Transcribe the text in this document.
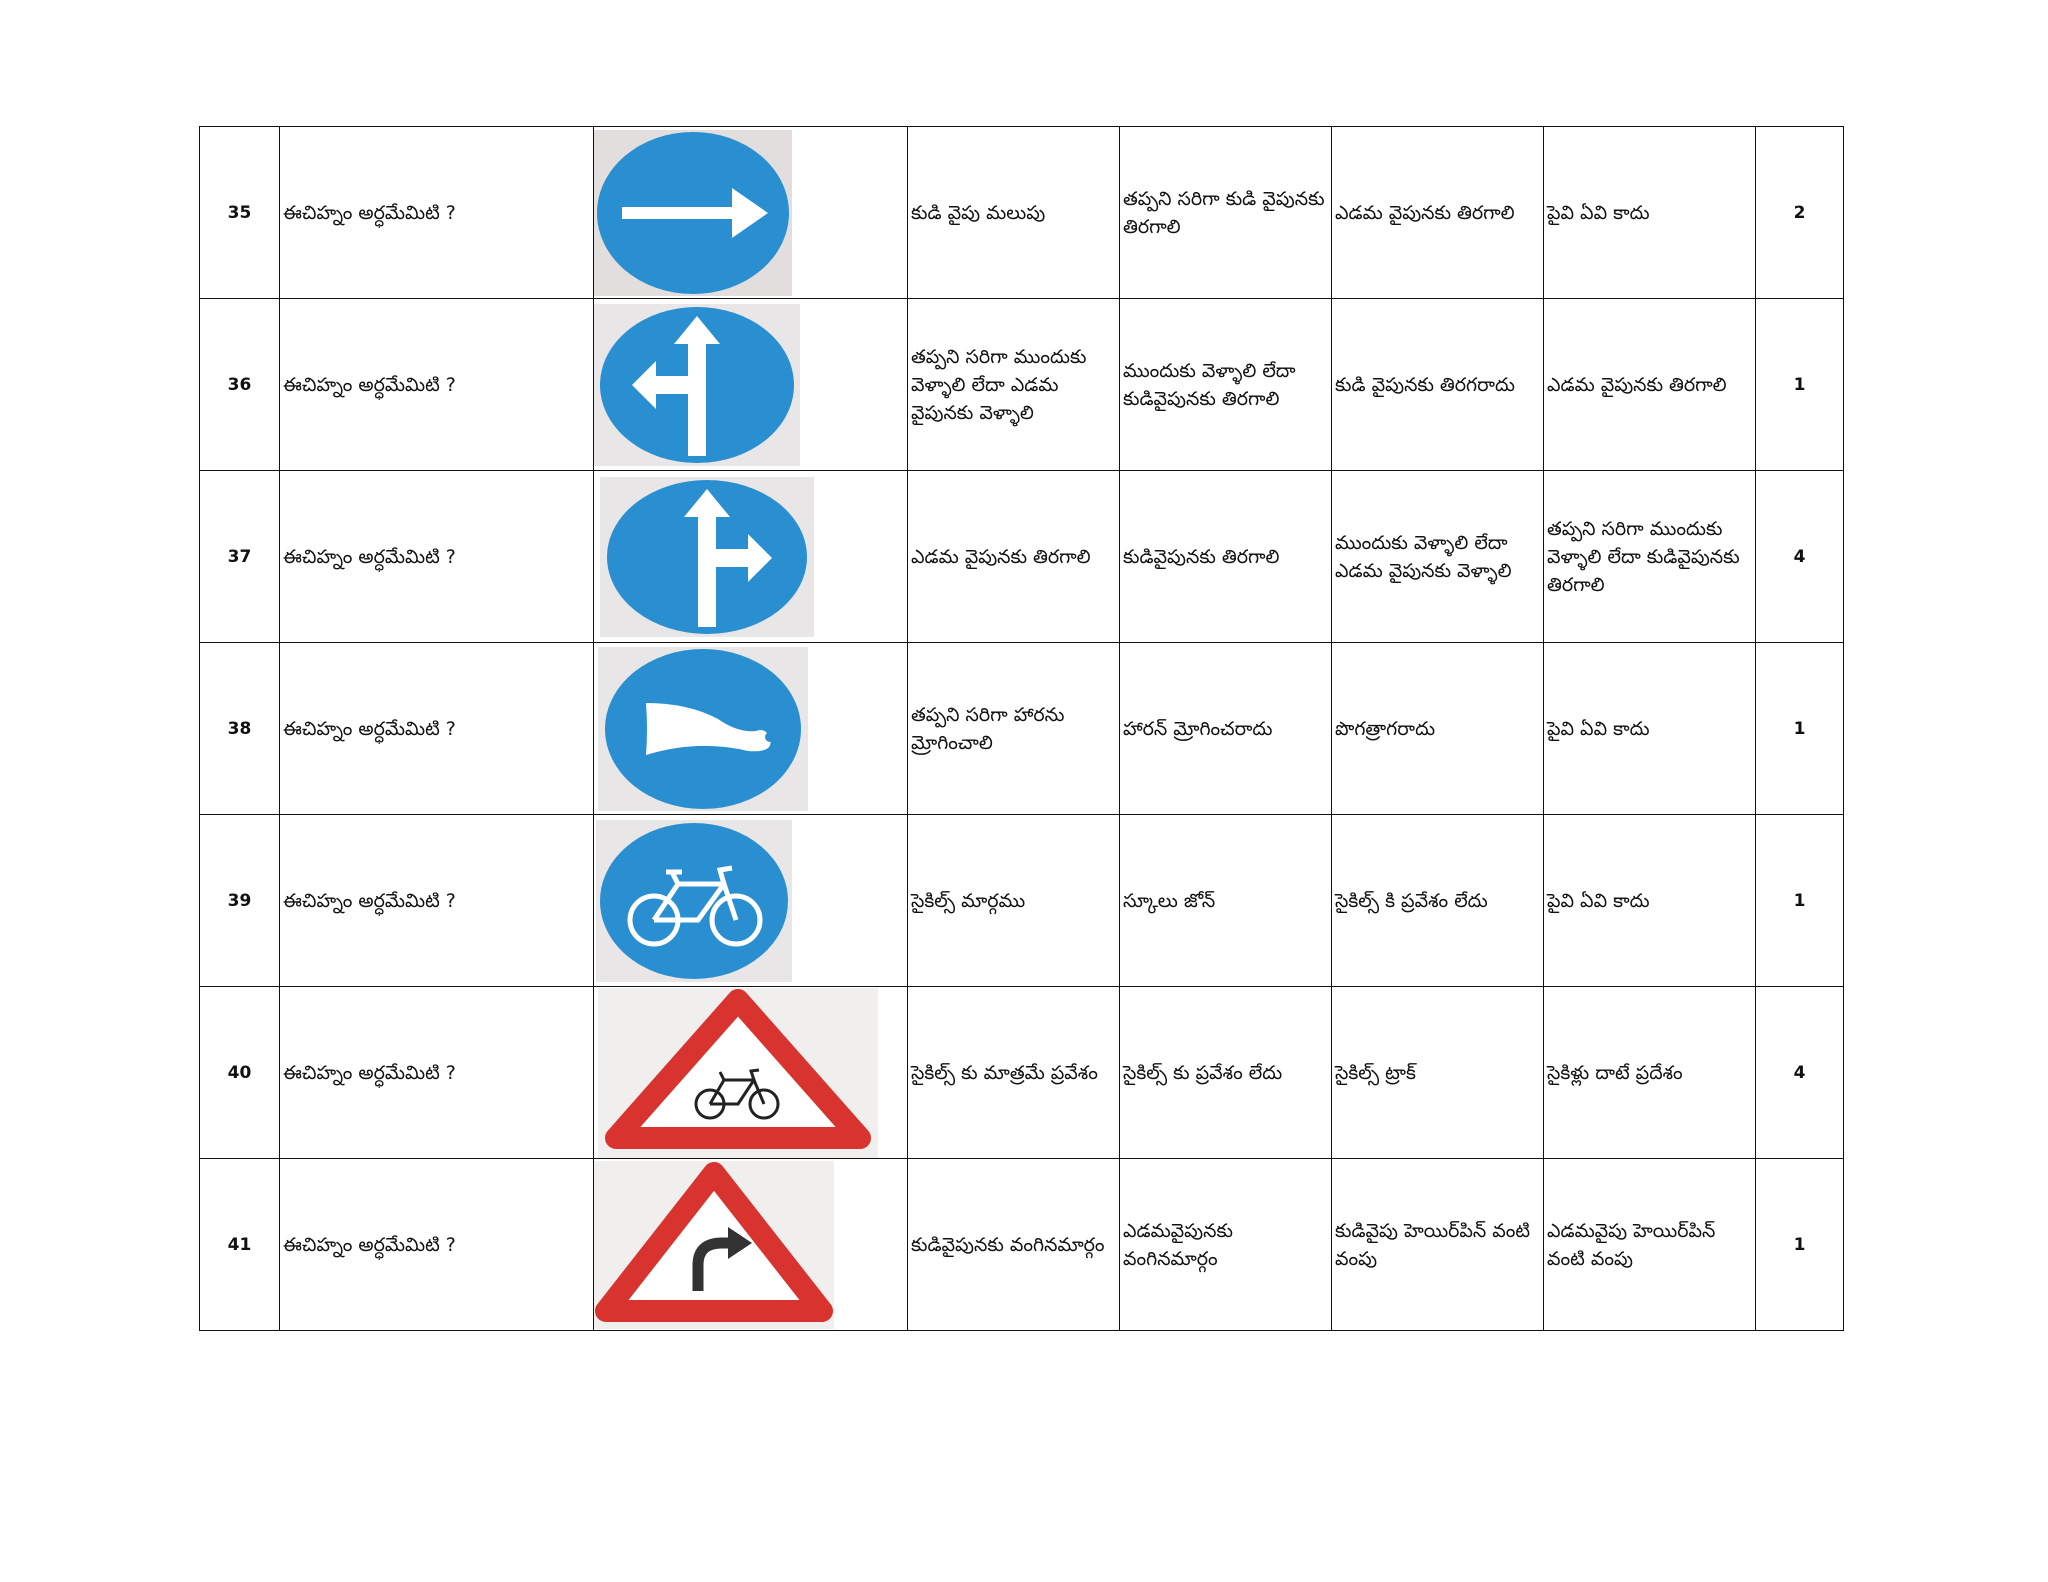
35	ఈచిహ్నం అర్ధమేమిటి ?		కుడి వైపు మలుపు	తప్పని సరిగా కుడి వైపునకు తిరగాలి	ఎడమ వైపునకు తిరగాలి	పైవి ఏవి కాదు	2
36	ఈచిహ్నం అర్ధమేమిటి ?		తప్పని సరిగా ముందుకు వెళ్ళాలి లేదా ఎడమ వైపునకు వెళ్ళాలి	ముందుకు వెళ్ళాలి లేదా కుడివైపునకు తిరగాలి	కుడి వైపునకు తిరగరాదు	ఎడమ వైపునకు తిరగాలి	1
37	ఈచిహ్నం అర్ధమేమిటి ?		ఎడమ వైపునకు తిరగాలి	కుడివైపునకు తిరగాలి	ముందుకు వెళ్ళాలి లేదా ఎడమ వైపునకు వెళ్ళాలి	తప్పని సరిగా ముందుకు వెళ్ళాలి లేదా కుడివైపునకు తిరగాలి	4
38	ఈచిహ్నం అర్ధమేమిటి ?		తప్పని సరిగా హారను మ్రోగించాలి	హారన్ మ్రోగించరాదు	పొగత్రాగరాదు	పైవి ఏవి కాదు	1
39	ఈచిహ్నం అర్ధమేమిటి ?		సైకిల్స్ మార్గము	స్కూలు జోన్	సైకిల్స్ కి ప్రవేశం లేదు	పైవి ఏవి కాదు	1
40	ఈచిహ్నం అర్ధమేమిటి ?		సైకిల్స్ కు మాత్రమే ప్రవేశం	సైకిల్స్ కు ప్రవేశం లేదు	సైకిల్స్ ట్రాక్	సైకిళ్లు దాటే ప్రదేశం	4
41	ఈచిహ్నం అర్ధమేమిటి ?		కుడివైపునకు వంగినమార్గం	ఎడమవైపునకు వంగినమార్గం	కుడివైపు హెయిర్‌పిన్ వంటి వంపు	ఎడమవైపు హెయిర్‌పిన్ వంటి వంపు	1
